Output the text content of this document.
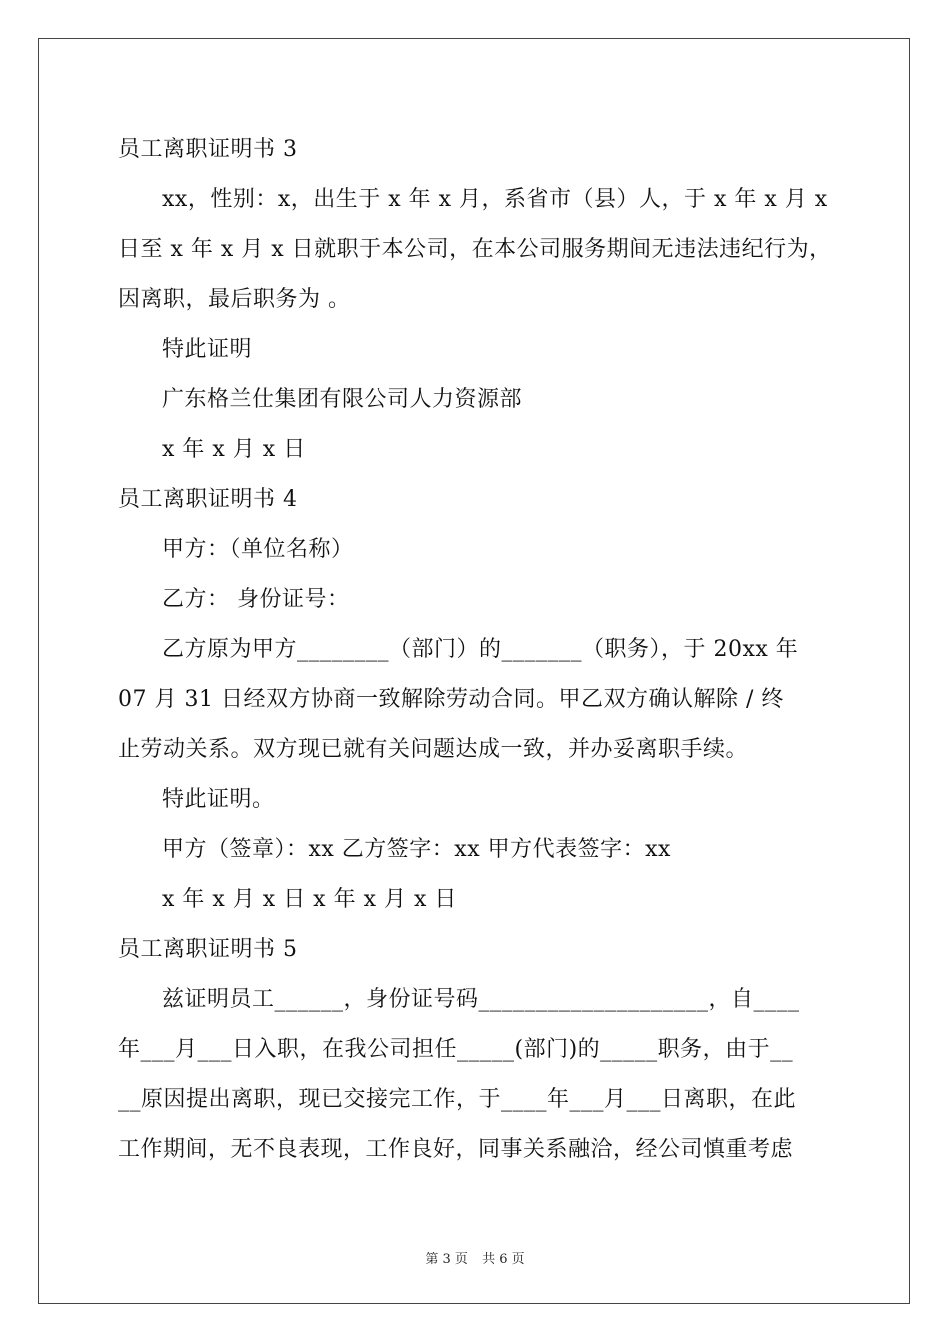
员工离职证明书 3
xx，性别：x，出生于 x 年 x 月，系省市（县）人，于 x 年 x 月 x
日至 x 年 x 月 x 日就职于本公司，在本公司服务期间无违法违纪行为，
因离职，最后职务为 。
特此证明
广东格兰仕集团有限公司人力资源部
x 年 x 月 x 日
员工离职证明书 4
甲方：（单位名称）
乙方： 身份证号：
乙方原为甲方________（部门）的_______（职务），于 20xx 年
07 月 31 日经双方协商一致解除劳动合同。甲乙双方确认解除 / 终
止劳动关系。双方现已就有关问题达成一致，并办妥离职手续。
特此证明。
甲方（签章）：xx 乙方签字：xx 甲方代表签字：xx
x 年 x 月 x 日 x 年 x 月 x 日
员工离职证明书 5
兹证明员工______，身份证号码____________________，自____
年___月___日入职，在我公司担任_____(部门)的_____职务，由于__
__原因提出离职，现已交接完工作，于____年___月___日离职，在此
工作期间，无不良表现，工作良好，同事关系融洽，经公司慎重考虑
第 3 页 共 6 页
